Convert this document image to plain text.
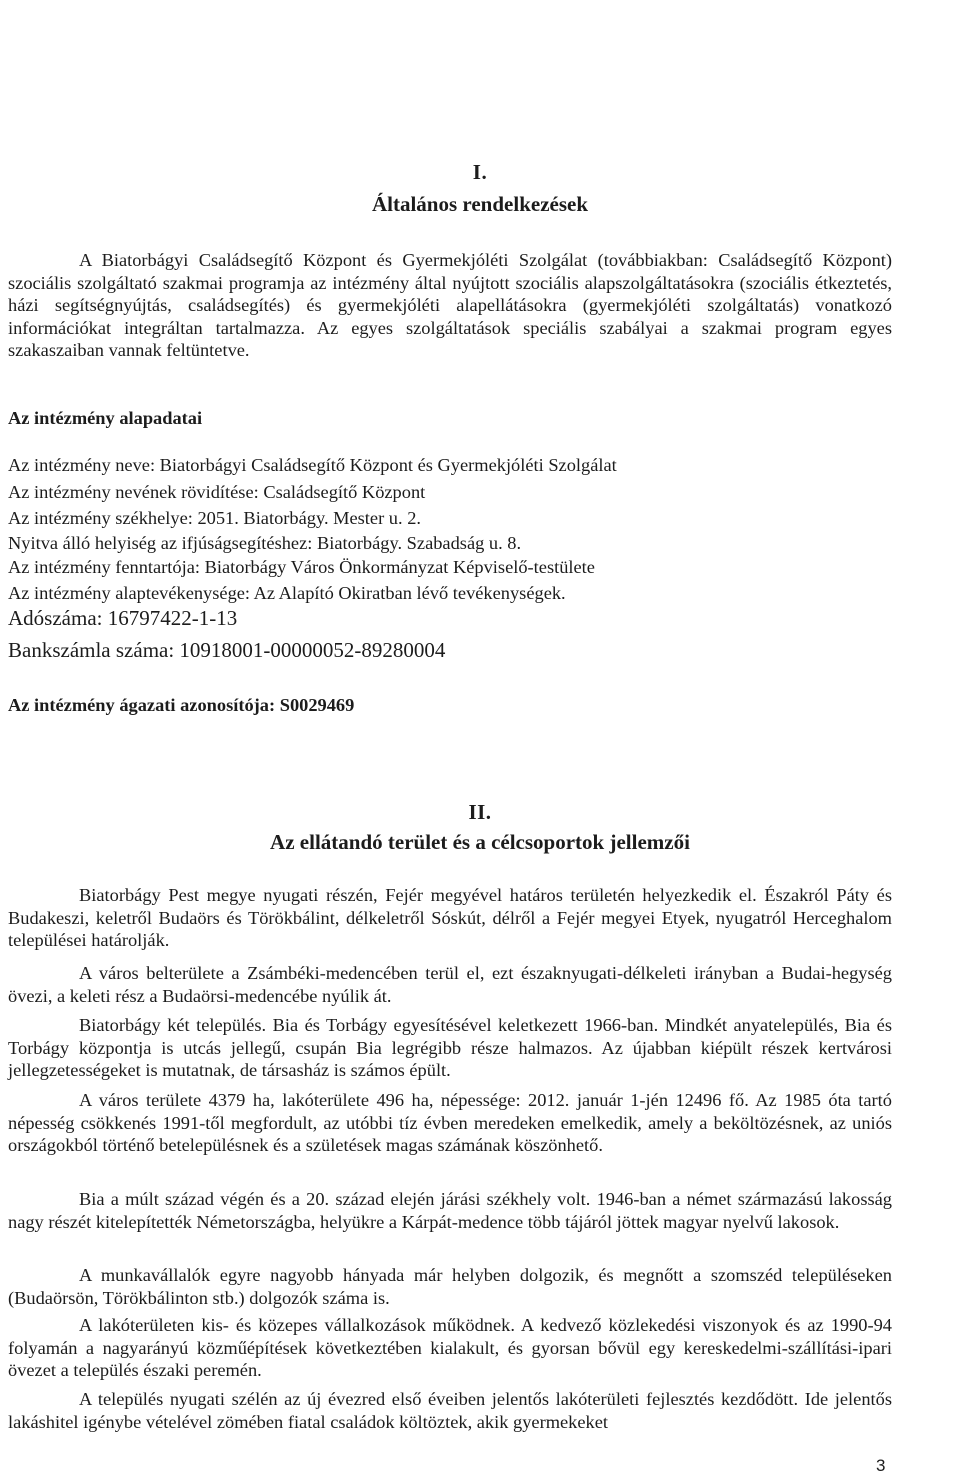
I.
Általános rendelkezések

A Biatorbágyi Családsegítő Központ és Gyermekjóléti Szolgálat (továbbiakban: Családsegítő Központ) szociális szolgáltató szakmai programja az intézmény által nyújtott szociális alapszolgáltatásokra (szociális étkeztetés, házi segítségnyújtás, családsegítés) és gyermekjóléti alapellátásokra (gyermekjóléti szolgáltatás) vonatkozó információkat integráltan tartalmazza. Az egyes szolgáltatások speciális szabályai a szakmai program egyes szakaszaiban vannak feltüntetve.

Az intézmény alapadatai
Az intézmény neve: Biatorbágyi Családsegítő Központ és Gyermekjóléti Szolgálat
Az intézmény nevének rövidítése: Családsegítő Központ
Az intézmény székhelye: 2051. Biatorbágy. Mester u. 2.
Nyitva álló helyiség az ifjúságsegítéshez: Biatorbágy. Szabadság u. 8.
Az intézmény fenntartója: Biatorbágy Város Önkormányzat Képviselő-testülete
Az intézmény alaptevékenysége: Az Alapító Okiratban lévő tevékenységek.
Adószáma: 16797422-1-13
Bankszámla száma: 10918001-00000052-89280004
Az intézmény ágazati azonosítója: S0029469
II.
Az ellátandó terület és a célcsoportok jellemzői

Biatorbágy Pest megye nyugati részén, Fejér megyével határos területén helyezkedik el. Északról Páty és Budakeszi, keletről Budaörs és Törökbálint, délkeletről Sóskút, délről a Fejér megyei Etyek, nyugatról Herceghalom települései határolják.

A város belterülete a Zsámbéki-medencében terül el, ezt északnyugati-délkeleti irányban a Budai-hegység övezi, a keleti rész a Budaörsi-medencébe nyúlik át.

Biatorbágy két település. Bia és Torbágy egyesítésével keletkezett 1966-ban. Mindkét anyatelepülés, Bia és Torbágy központja is utcás jellegű, csupán Bia legrégibb része halmazos. Az újabban kiépült részek kertvárosi jellegzetességeket is mutatnak, de társasház is számos épült.

A város területe 4379 ha, lakóterülete 496 ha, népessége: 2012. január 1-jén 12496 fő. Az 1985 óta tartó népesség csökkenés 1991-től megfordult, az utóbbi tíz évben meredeken emelkedik, amely a beköltözésnek, az uniós országokból történő betelepülésnek és a születések magas számának köszönhető.

Bia a múlt század végén és a 20. század elején járási székhely volt. 1946-ban a német származású lakosság nagy részét kitelepítették Németországba, helyükre a Kárpát-medence több tájáról jöttek magyar nyelvű lakosok.

A munkavállalók egyre nagyobb hányada már helyben dolgozik, és megnőtt a szomszéd településeken (Budaörsön, Törökbálinton stb.) dolgozók száma is.

A lakóterületen kis- és közepes vállalkozások működnek. A kedvező közlekedési viszonyok és az 1990-94 folyamán a nagyarányú közműépítések következtében kialakult, és gyorsan bővül egy kereskedelmi-szállítási-ipari övezet a település északi peremén.

A település nyugati szélén az új évezred első éveiben jelentős lakóterületi fejlesztés kezdődött. Ide jelentős lakáshitel igénybe vételével zömében fiatal családok költöztek, akik gyermekeket

3
